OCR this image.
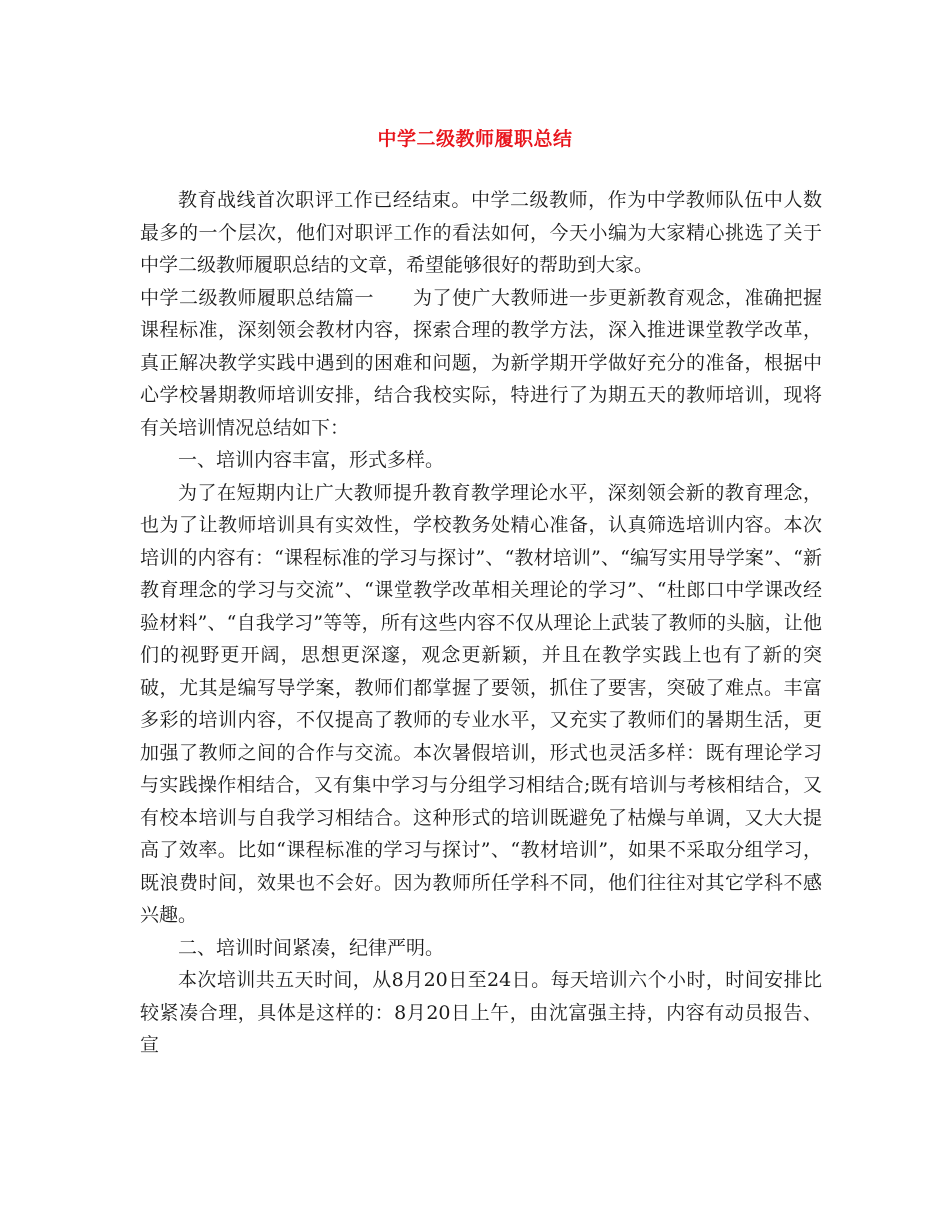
中学二级教师履职总结

教育战线首次职评工作已经结束。中学二级教师，作为中学教师队伍中人数最多的一个层次，他们对职评工作的看法如何，今天小编为大家精心挑选了关于中学二级教师履职总结的文章，希望能够很好的帮助到大家。

中学二级教师履职总结篇一　　为了使广大教师进一步更新教育观念，准确把握课程标准，深刻领会教材内容，探索合理的教学方法，深入推进课堂教学改革，真正解决教学实践中遇到的困难和问题，为新学期开学做好充分的准备，根据中心学校暑期教师培训安排，结合我校实际，特进行了为期五天的教师培训，现将有关培训情况总结如下：

一、培训内容丰富，形式多样。

为了在短期内让广大教师提升教育教学理论水平，深刻领会新的教育理念，也为了让教师培训具有实效性，学校教务处精心准备，认真筛选培训内容。本次培训的内容有：“课程标准的学习与探讨”、“教材培训”、“编写实用导学案”、“新教育理念的学习与交流”、“课堂教学改革相关理论的学习”、“杜郎口中学课改经验材料”、“自我学习”等等，所有这些内容不仅从理论上武装了教师的头脑，让他们的视野更开阔，思想更深邃，观念更新颖，并且在教学实践上也有了新的突破，尤其是编写导学案，教师们都掌握了要领，抓住了要害，突破了难点。丰富多彩的培训内容，不仅提高了教师的专业水平，又充实了教师们的暑期生活，更加强了教师之间的合作与交流。本次暑假培训，形式也灵活多样：既有理论学习与实践操作相结合，又有集中学习与分组学习相结合;既有培训与考核相结合，又有校本培训与自我学习相结合。这种形式的培训既避免了枯燥与单调，又大大提高了效率。比如“课程标准的学习与探讨”、“教材培训”，如果不采取分组学习，既浪费时间，效果也不会好。因为教师所任学科不同，他们往往对其它学科不感兴趣。

二、培训时间紧凑，纪律严明。

本次培训共五天时间，从8月20日至24日。每天培训六个小时，时间安排比较紧凑合理，具体是这样的：8月20日上午，由沈富强主持，内容有动员报告、宣
